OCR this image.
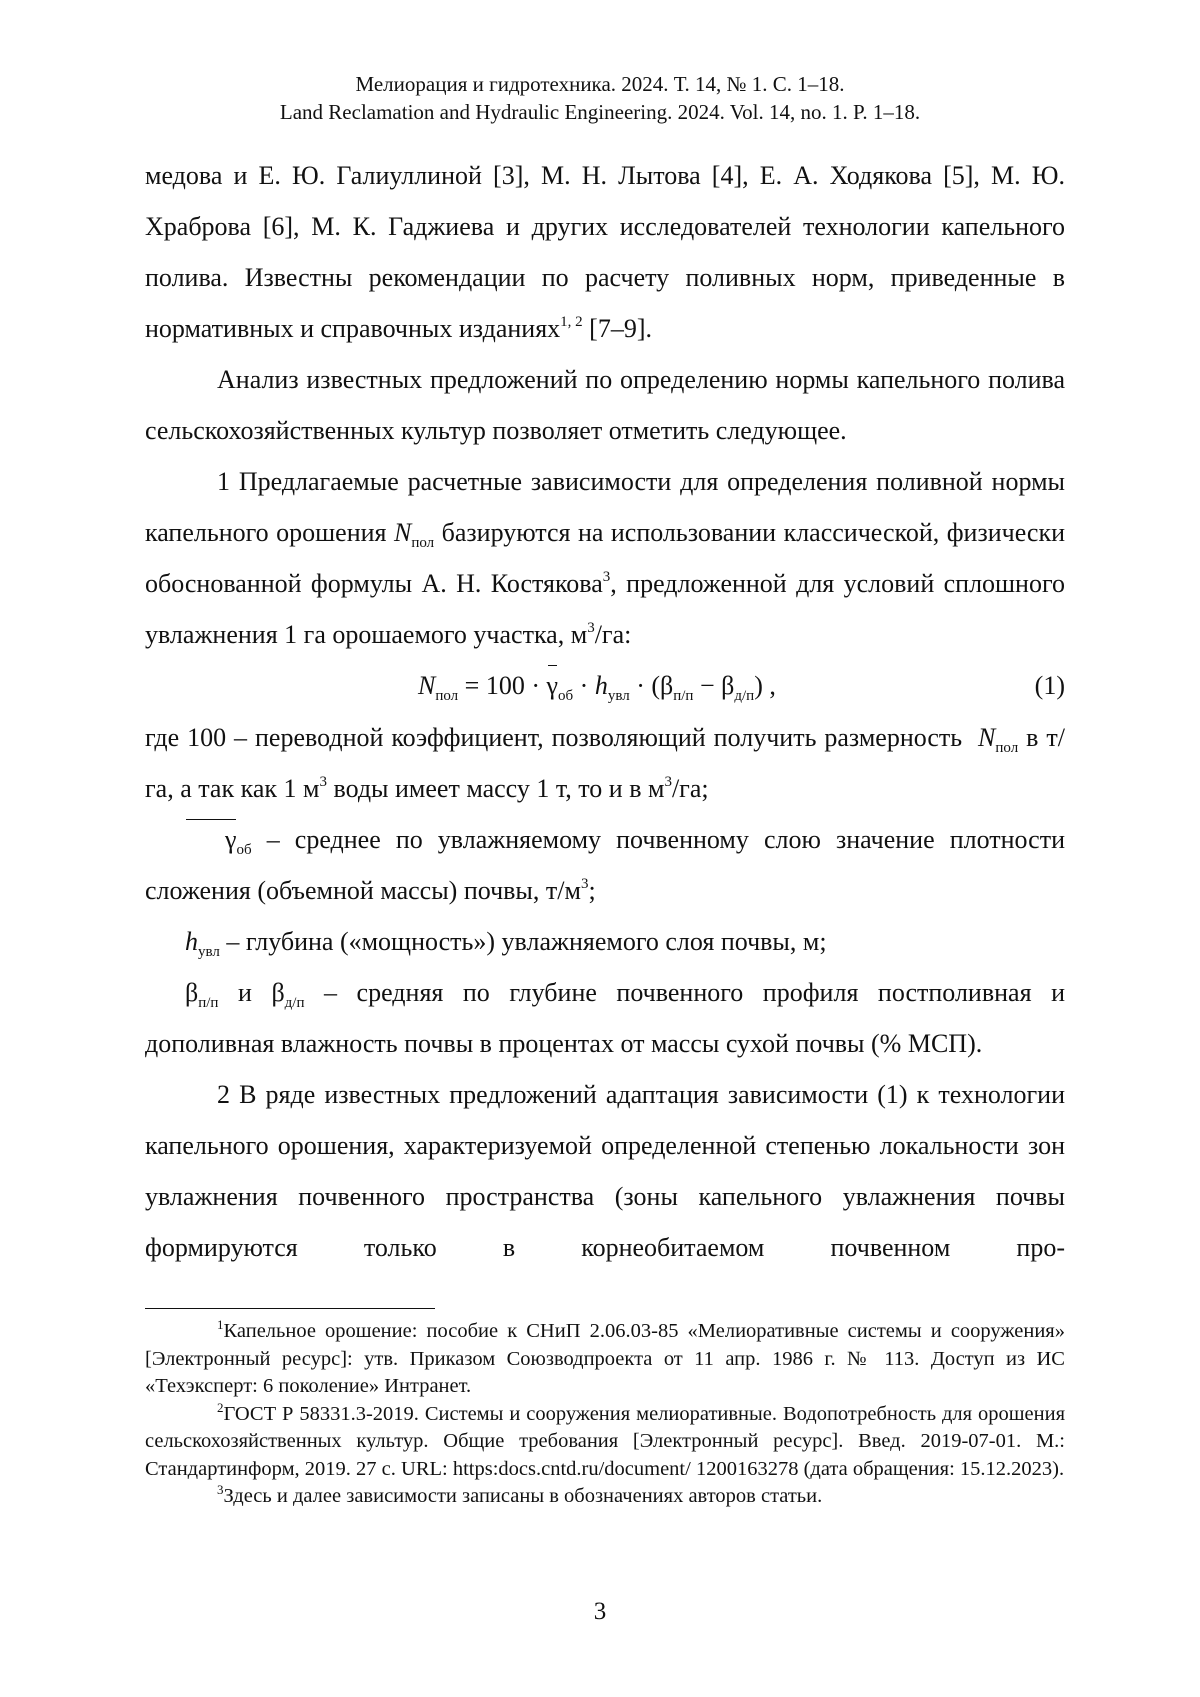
Мелиорация и гидротехника. 2024. Т. 14, № 1. С. 1–18.
Land Reclamation and Hydraulic Engineering. 2024. Vol. 14, no. 1. P. 1–18.

медова и Е. Ю. Галиуллиной [3], М. Н. Лытова [4], Е. А. Ходякова [5], М. Ю. Храброва [6], М. К. Гаджиева и других исследователей технологии капельного полива. Известны рекомендации по расчету поливных норм, приведенные в нормативных и справочных изданиях$^{1, 2}$ [7–9].

Анализ известных предложений по определению нормы капельного полива сельскохозяйственных культур позволяет отметить следующее.

1 Предлагаемые расчетные зависимости для определения поливной нормы капельного орошения $N_{пол}$ базируются на использовании классической, физически обоснованной формулы А. Н. Костякова$^3$, предложенной для условий сплошного увлажнения 1 га орошаемого участка, $м^3/га$:

$N_{пол} = 100 \cdot \gamma_{об} \cdot h_{увл} \cdot (\beta_{п/п} - \beta_{д/п})$ ,	(1)

где 100 – переводной коэффициент, позволяющий получить размерность  $N_{пол}$ в т/га, а так как 1 $м^3$ воды имеет массу 1 т, то и в $м^3/га$;

$\gamma_{об}$ – среднее по увлажняемому почвенному слою значение плотности сложения (объемной массы) почвы, $т/м^3$;

$h_{увл}$ – глубина («мощность») увлажняемого слоя почвы, м;

$\beta_{п/п}$ и $\beta_{д/п}$ – средняя по глубине почвенного профиля постполивная и дополивная влажность почвы в процентах от массы сухой почвы (% МСП).

2 В ряде известных предложений адаптация зависимости (1) к технологии капельного орошения, характеризуемой определенной степенью локальности зон увлажнения почвенного пространства (зоны капельного увлажнения почвы формируются только в корнеобитаемом почвенном про-

$^1$Капельное орошение: пособие к СНиП 2.06.03-85 «Мелиоративные системы и сооружения» [Электронный ресурс]: утв. Приказом Союзводпроекта от 11 апр. 1986 г. № 113. Доступ из ИС «Техэксперт: 6 поколение» Интранет.

$^2$ГОСТ Р 58331.3-2019. Системы и сооружения мелиоративные. Водопотребность для орошения сельскохозяйственных культур. Общие требования [Электронный ресурс]. Введ. 2019-07-01. М.: Стандартинформ, 2019. 27 с. URL: https:docs.cntd.ru/document/ 1200163278 (дата обращения: 15.12.2023).

$^3$Здесь и далее зависимости записаны в обозначениях авторов статьи.

3
